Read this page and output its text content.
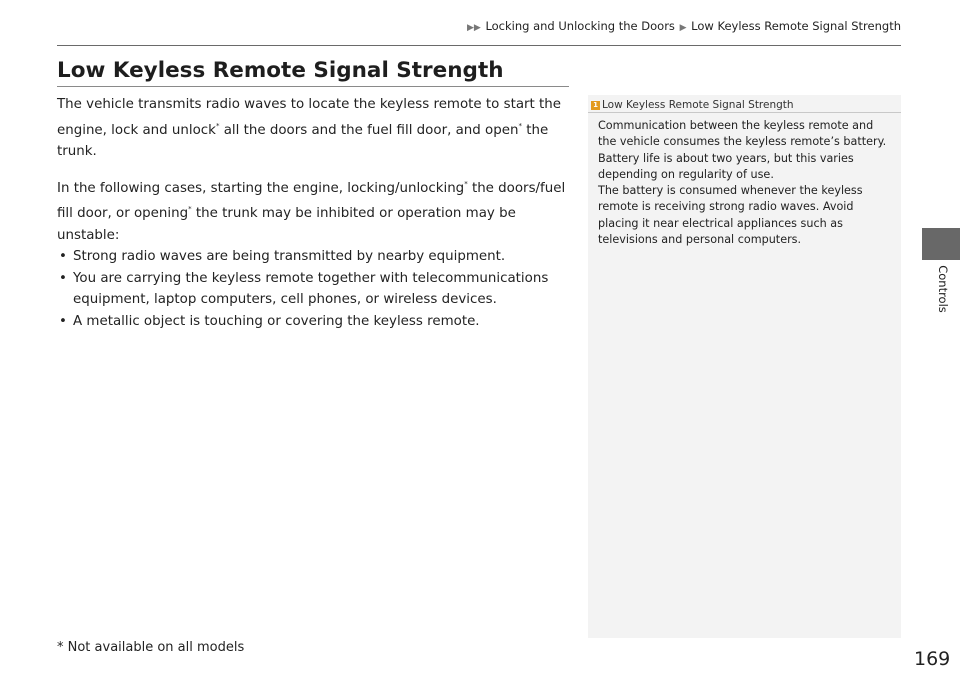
▶▶ Locking and Unlocking the Doors ▶ Low Keyless Remote Signal Strength
Low Keyless Remote Signal Strength

The vehicle transmits radio waves to locate the keyless remote to start the engine, lock and unlock* all the doors and the fuel fill door, and open* the trunk.

In the following cases, starting the engine, locking/unlocking* the doors/fuel fill door, or opening* the trunk may be inhibited or operation may be unstable:

• Strong radio waves are being transmitted by nearby equipment.
• You are carrying the keyless remote together with telecommunications equipment, laptop computers, cell phones, or wireless devices.
• A metallic object is touching or covering the keyless remote.
1 Low Keyless Remote Signal Strength

Communication between the keyless remote and the vehicle consumes the keyless remote’s battery. Battery life is about two years, but this varies depending on regularity of use.

The battery is consumed whenever the keyless remote is receiving strong radio waves. Avoid placing it near electrical appliances such as televisions and personal computers.

Controls
* Not available on all models
169
